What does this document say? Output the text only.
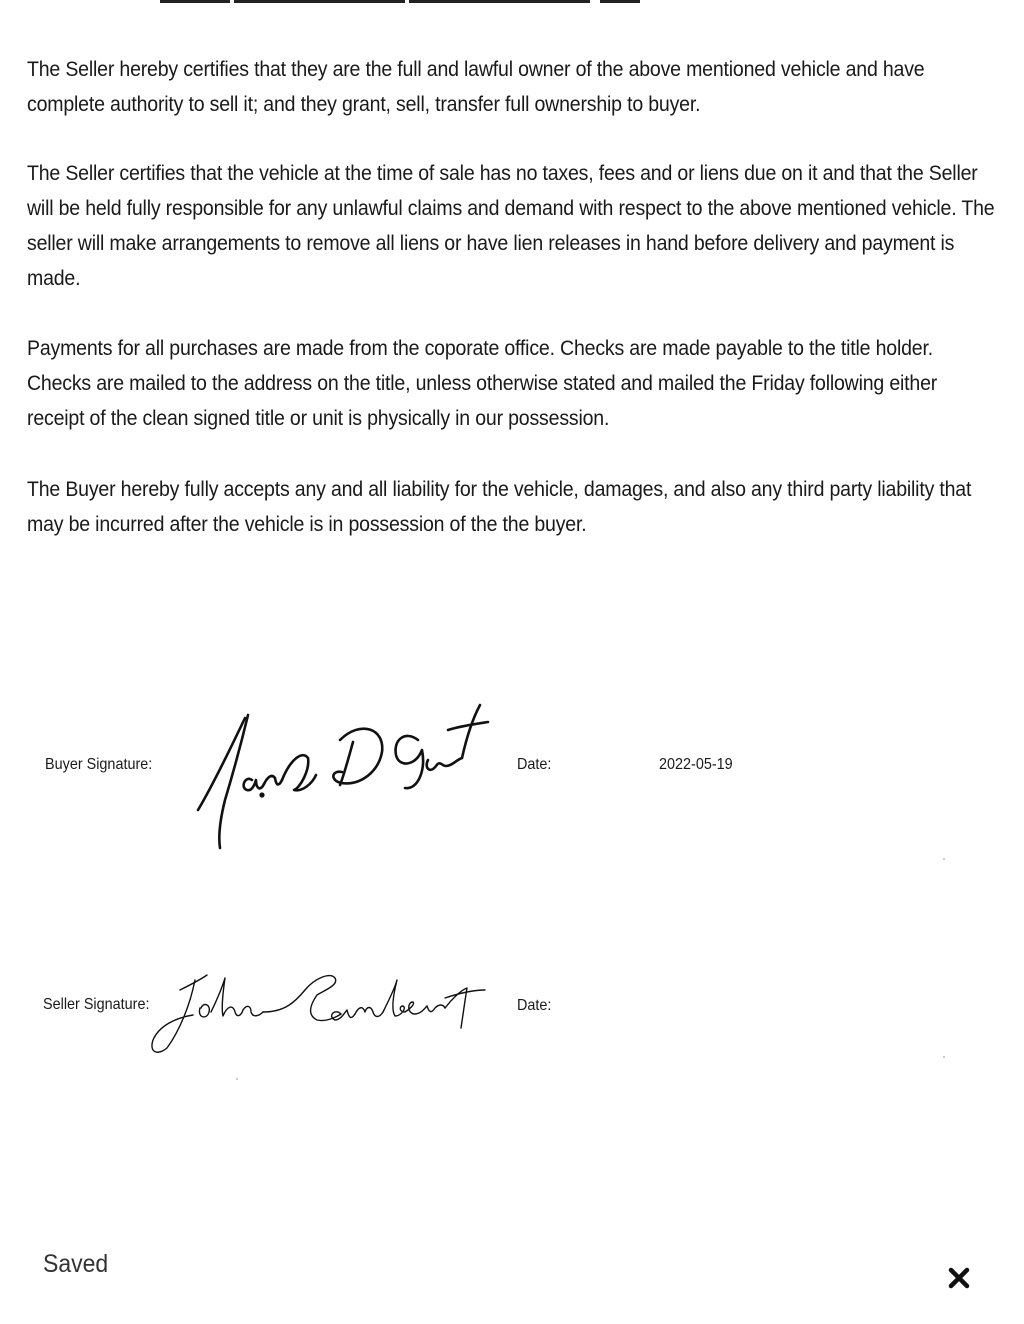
The Seller hereby certifies that they are the full and lawful owner of the above mentioned vehicle and have complete authority to sell it; and they grant, sell, transfer full ownership to buyer.

The Seller certifies that the vehicle at the time of sale has no taxes, fees and or liens due on it and that the Seller will be held fully responsible for any unlawful claims and demand with respect to the above mentioned vehicle. The seller will make arrangements to remove all liens or have lien releases in hand before delivery and payment is made.

Payments for all purchases are made from the coporate office. Checks are made payable to the title holder. Checks are mailed to the address on the title, unless otherwise stated and mailed the Friday following either receipt of the clean signed title or unit is physically in our possession.

The Buyer hereby fully accepts any and all liability for the vehicle, damages, and also any third party liability that may be incurred after the vehicle is in possession of the the buyer.

Buyer Signature:	Date:	2022-05-19
Seller Signature:	Date:
Saved
